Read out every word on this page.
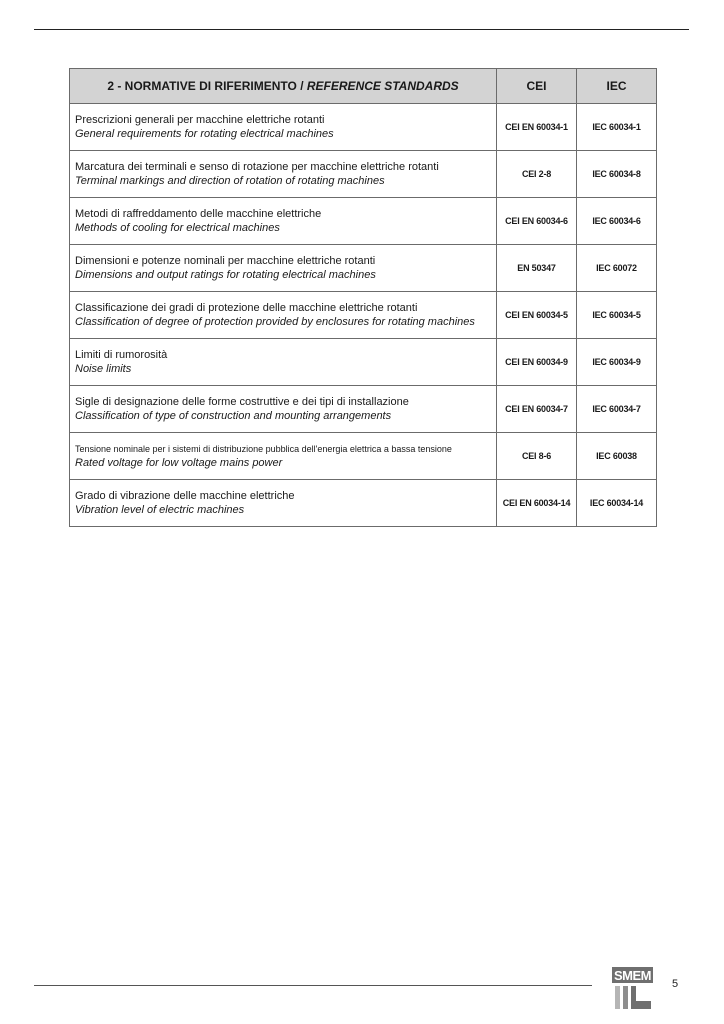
2 - NORMATIVE DI RIFERIMENTO / REFERENCE STANDARDS	CEI	IEC

Prescrizioni generali per macchine elettriche rotanti
General requirements for rotating electrical machines	CEI EN 60034-1	IEC 60034-1

Marcatura dei terminali e senso di rotazione per macchine elettriche rotanti
Terminal markings and direction of rotation of rotating machines	CEI 2-8	IEC 60034-8

Metodi di raffreddamento delle macchine elettriche
Methods of cooling for electrical machines	CEI EN 60034-6	IEC 60034-6

Dimensioni e potenze nominali per macchine elettriche rotanti
Dimensions and output ratings for rotating electrical machines	EN 50347	IEC 60072

Classificazione dei gradi di protezione delle macchine elettriche rotanti
Classification of degree of protection provided by enclosures for rotating machines	CEI EN 60034-5	IEC 60034-5

Limiti di rumorosità
Noise limits	CEI EN 60034-9	IEC 60034-9

Sigle di designazione delle forme costruttive e dei tipi di installazione
Classification of type of construction and mounting arrangements	CEI EN 60034-7	IEC 60034-7

Tensione nominale per i sistemi di distribuzione pubblica dell'energia elettrica a bassa tensione
Rated voltage for low voltage mains power	CEI 8-6	IEC 60038

Grado di vibrazione delle macchine elettriche
Vibration level of electric machines	CEI EN 60034-14	IEC 60034-14
SMEM
5
